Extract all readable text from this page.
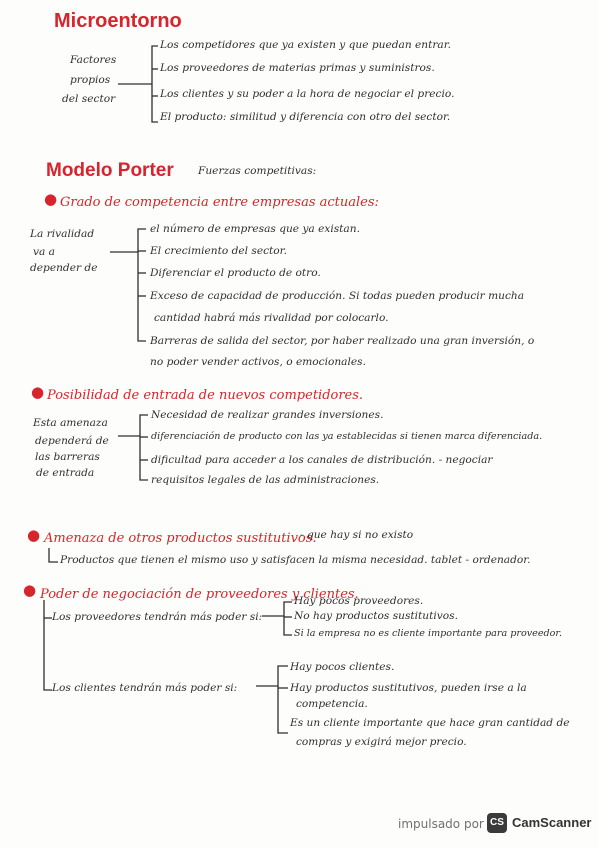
Microentorno
Factores
propios
del sector
Los competidores que ya existen y que puedan entrar.
Los proveedores de materias primas y suministros.
Los clientes y su poder a la hora de negociar el precio.
El producto: similitud y diferencia con otro del sector.
Modelo Porter Fuerzas competitivas:
● Grado de competencia entre empresas actuales:
La rivalidad
va a
depender de
el número de empresas que ya existan.
El crecimiento del sector.
Diferenciar el producto de otro.
Exceso de capacidad de producción. Si todas pueden producir mucha
cantidad habrá más rivalidad por colocarlo.
Barreras de salida del sector, por haber realizado una gran inversión, o
no poder vender activos, o emocionales.
● Posibilidad de entrada de nuevos competidores.
Esta amenaza
dependerá de
las barreras
de entrada
Necesidad de realizar grandes inversiones.
diferenciación de producto con las ya establecidas si tienen marca diferenciada.
dificultad para acceder a los canales de distribución. - negociar
requisitos legales de las administraciones.
● Amenaza de otros productos sustitutivos.
- que hay si no existo
Productos que tienen el mismo uso y satisfacen la misma necesidad. tablet - ordenador.
● Poder de negociación de proveedores y clientes.
Los proveedores tendrán más poder si:
Hay pocos proveedores.
No hay productos sustitutivos.
Si la empresa no es cliente importante para proveedor.
Los clientes tendrán más poder si:
Hay pocos clientes.
Hay productos sustitutivos, pueden irse a la
competencia.
Es un cliente importante que hace gran cantidad de
compras y exigirá mejor precio.
impulsado por CS CamScanner
